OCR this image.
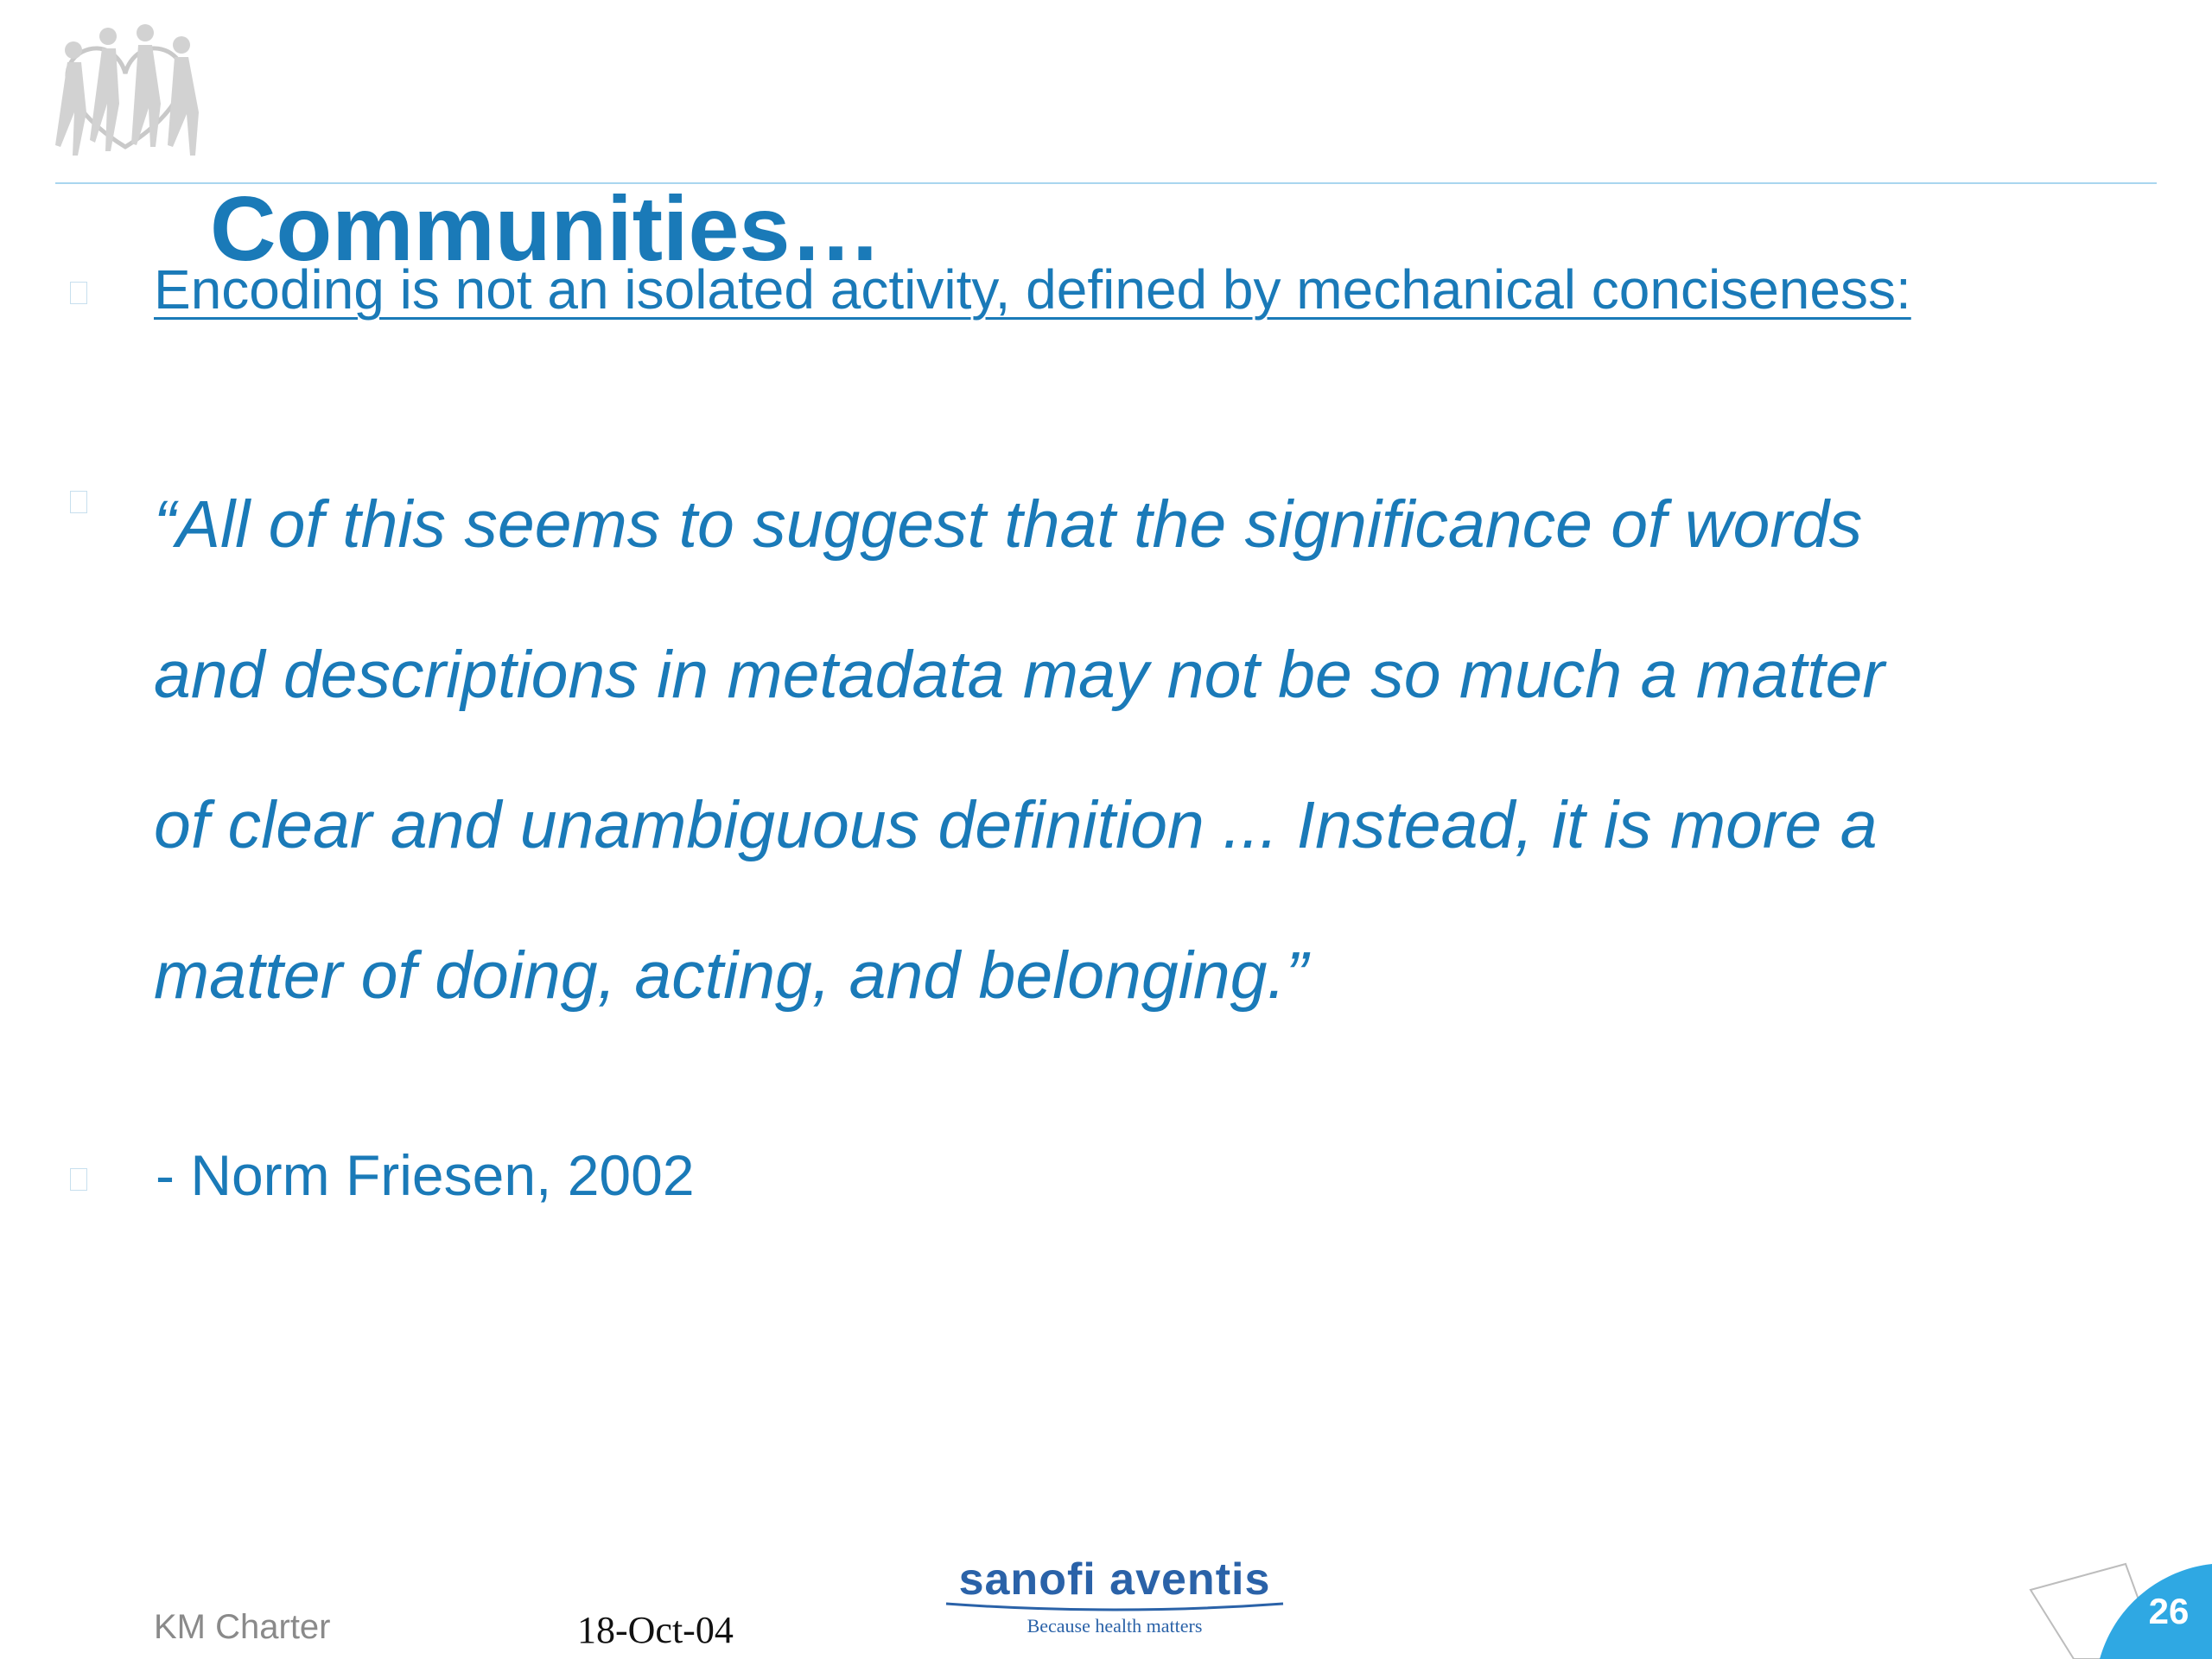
Communities…
Encoding is not an isolated activity, defined by mechanical conciseness:

“All of this seems to suggest that the significance of words
and descriptions in metadata may not be so much a matter
of clear and unambiguous definition ... Instead, it is more a
matter of doing, acting, and belonging.”

- Norm Friesen, 2002
KM Charter	18-Oct-04
sanofi aventis
Because health matters	26
